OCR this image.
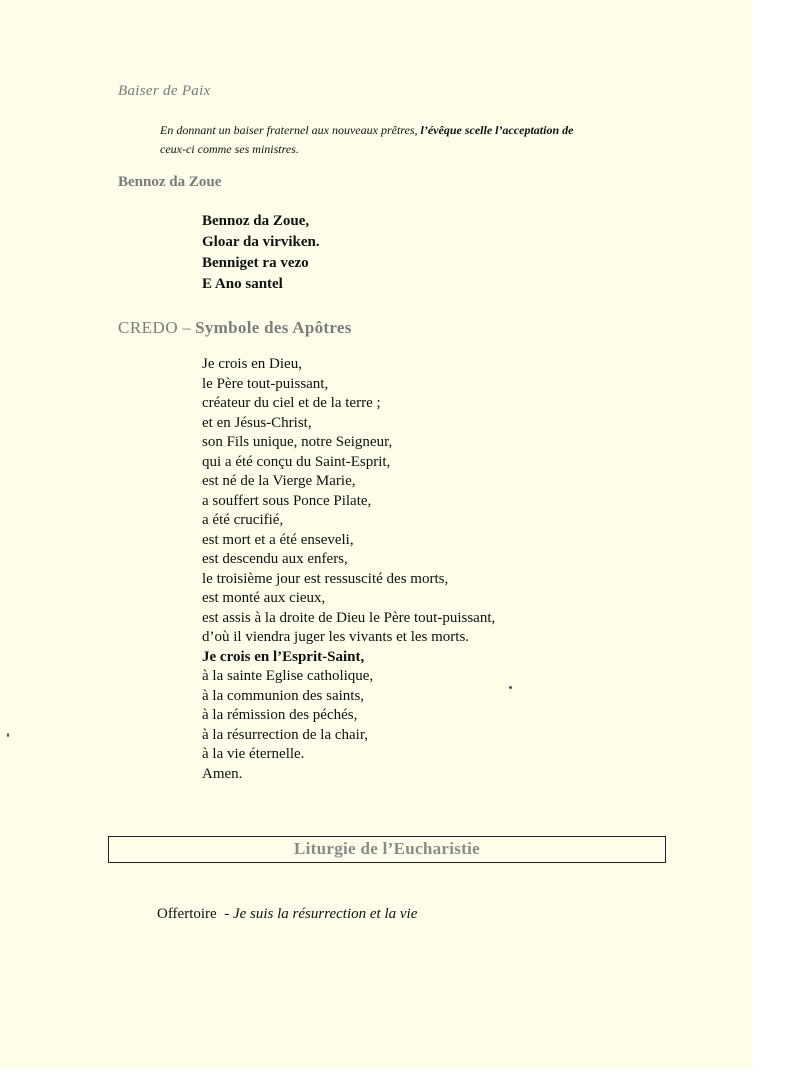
Baiser de Paix
En donnant un baiser fraternel aux nouveaux prêtres, l’évêque scelle l’acceptation de
ceux-ci comme ses ministres.
Bennoz da Zoue
Bennoz da Zoue,
Gloar da virviken.
Benniget ra vezo
E Ano santel
CREDO – Symbole des Apôtres
Je crois en Dieu,
le Père tout-puissant,
créateur du ciel et de la terre ;
et en Jésus-Christ,
son Fils unique, notre Seigneur,
qui a été conçu du Saint-Esprit,
est né de la Vierge Marie,
a souffert sous Ponce Pilate,
a été crucifié,
est mort et a été enseveli,
est descendu aux enfers,
le troisième jour est ressuscité des morts,
est monté aux cieux,
est assis à la droite de Dieu le Père tout-puissant,
d’où il viendra juger les vivants et les morts.
Je crois en l’Esprit-Saint,
à la sainte Eglise catholique,
à la communion des saints,
à la rémission des péchés,
à la résurrection de la chair,
à la vie éternelle.
Amen.
Liturgie de l’Eucharistie
Offertoire  - Je suis la résurrection et la vie
